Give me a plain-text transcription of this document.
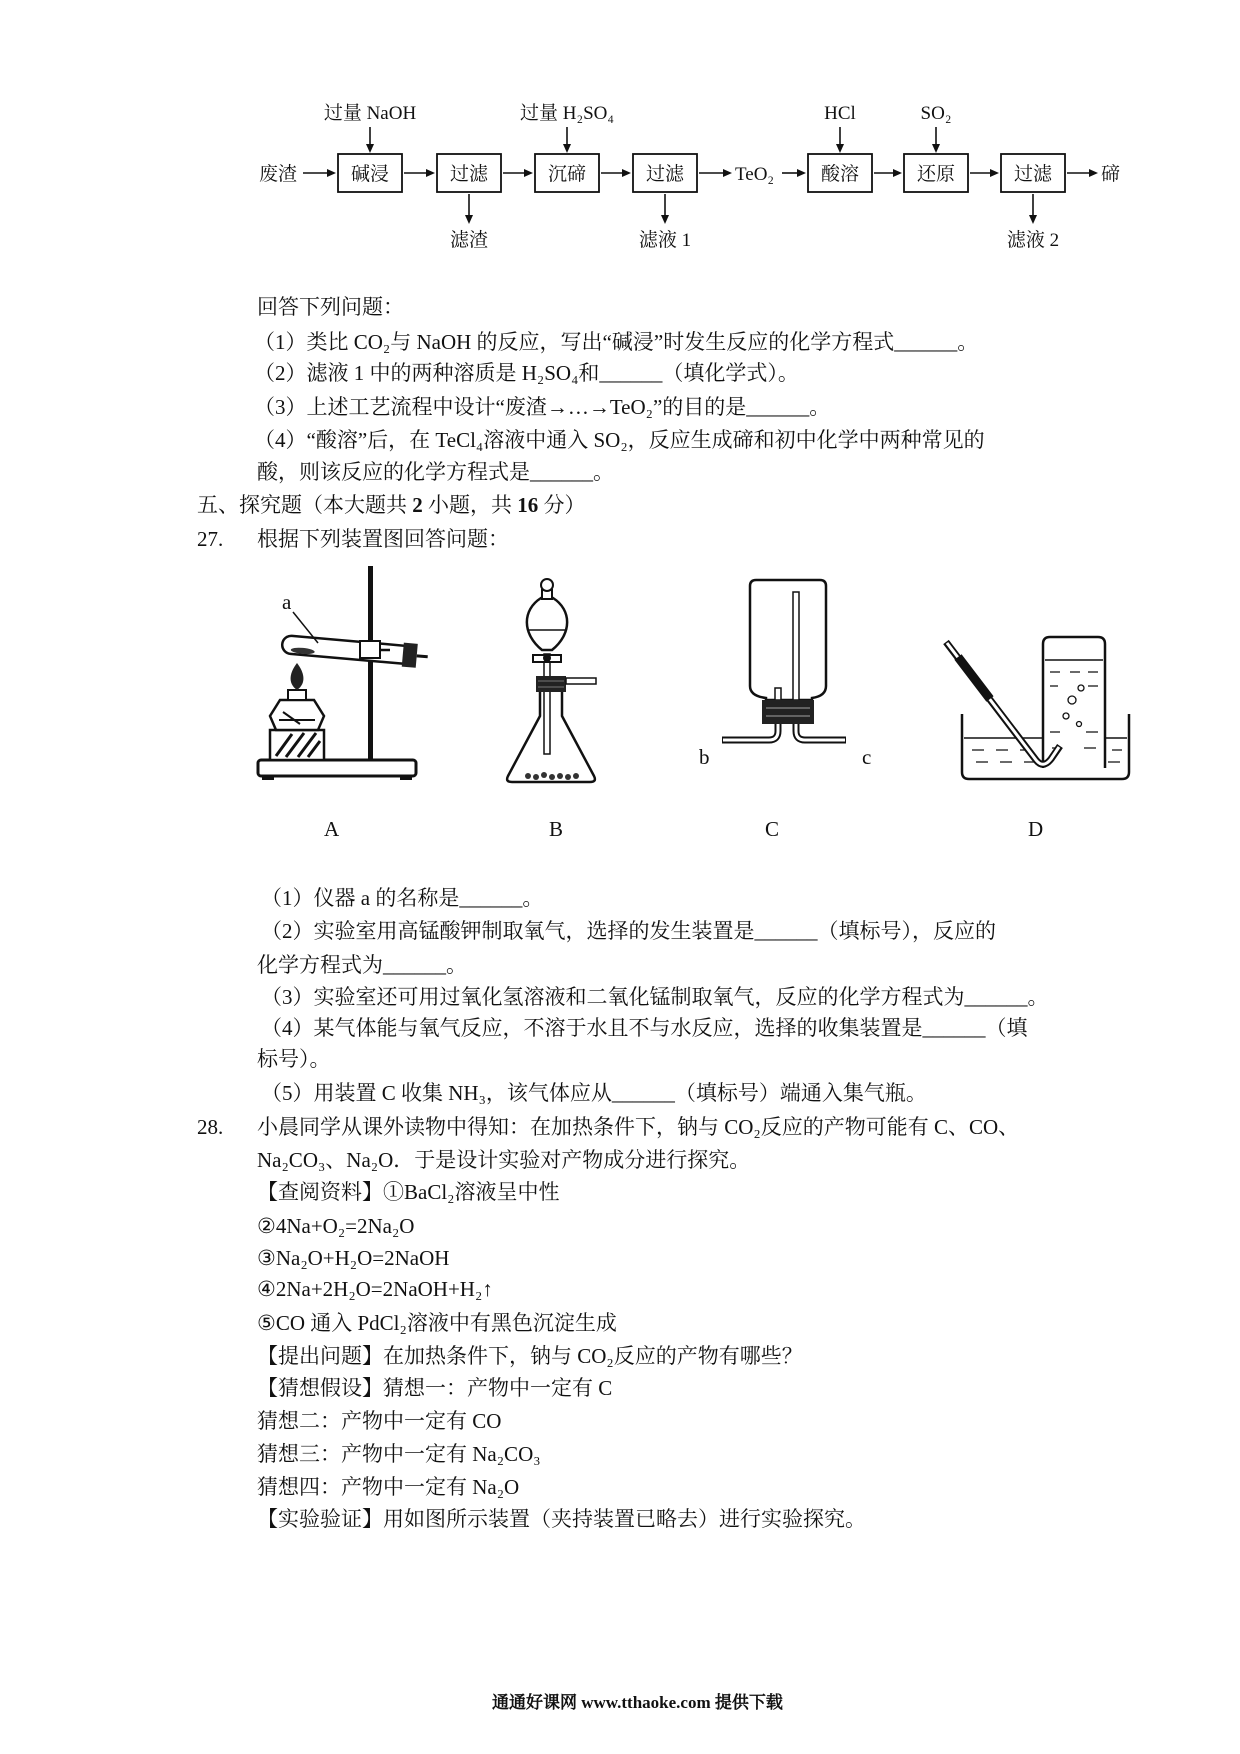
过量 NaOH	过量 H₂SO₄	HCl	SO₂
废渣	TeO₂	碲
碱浸	过滤	沉碲	过滤	酸溶	还原	过滤
滤渣	滤液 1	滤液 2
回答下列问题：
（1）类比 CO₂与 NaOH 的反应，写出“碱浸”时发生反应的化学方程式______。
（2）滤液 1 中的两种溶质是 H₂SO₄和______（填化学式）。
（3）上述工艺流程中设计“废渣→…→TeO₂”的目的是______。
（4）“酸溶”后，在 TeCl₄溶液中通入 SO₂，反应生成碲和初中化学中两种常见的
酸，则该反应的化学方程式是______。
五、探究题（本大题共 2 小题，共 16 分）
27. 根据下列装置图回答问题：
a
b	c
A	B	C	D
（1）仪器 a 的名称是______。
（2）实验室用高锰酸钾制取氧气，选择的发生装置是______（填标号），反应的
化学方程式为______。
（3）实验室还可用过氧化氢溶液和二氧化锰制取氧气，反应的化学方程式为______。
（4）某气体能与氧气反应，不溶于水且不与水反应，选择的收集装置是______（填
标号）。
（5）用装置 C 收集 NH₃，该气体应从______（填标号）端通入集气瓶。
28. 小晨同学从课外读物中得知：在加热条件下，钠与 CO₂反应的产物可能有 C、CO、
Na₂CO₃、Na₂O．于是设计实验对产物成分进行探究。
【查阅资料】①BaCl₂溶液呈中性
②4Na+O₂=2Na₂O
③Na₂O+H₂O=2NaOH
④2Na+2H₂O=2NaOH+H₂↑
⑤CO 通入 PdCl₂溶液中有黑色沉淀生成
【提出问题】在加热条件下，钠与 CO₂反应的产物有哪些？
【猜想假设】猜想一：产物中一定有 C
猜想二：产物中一定有 CO
猜想三：产物中一定有 Na₂CO₃
猜想四：产物中一定有 Na₂O
【实验验证】用如图所示装置（夹持装置已略去）进行实验探究。
通通好课网 www.tthaoke.com 提供下载
